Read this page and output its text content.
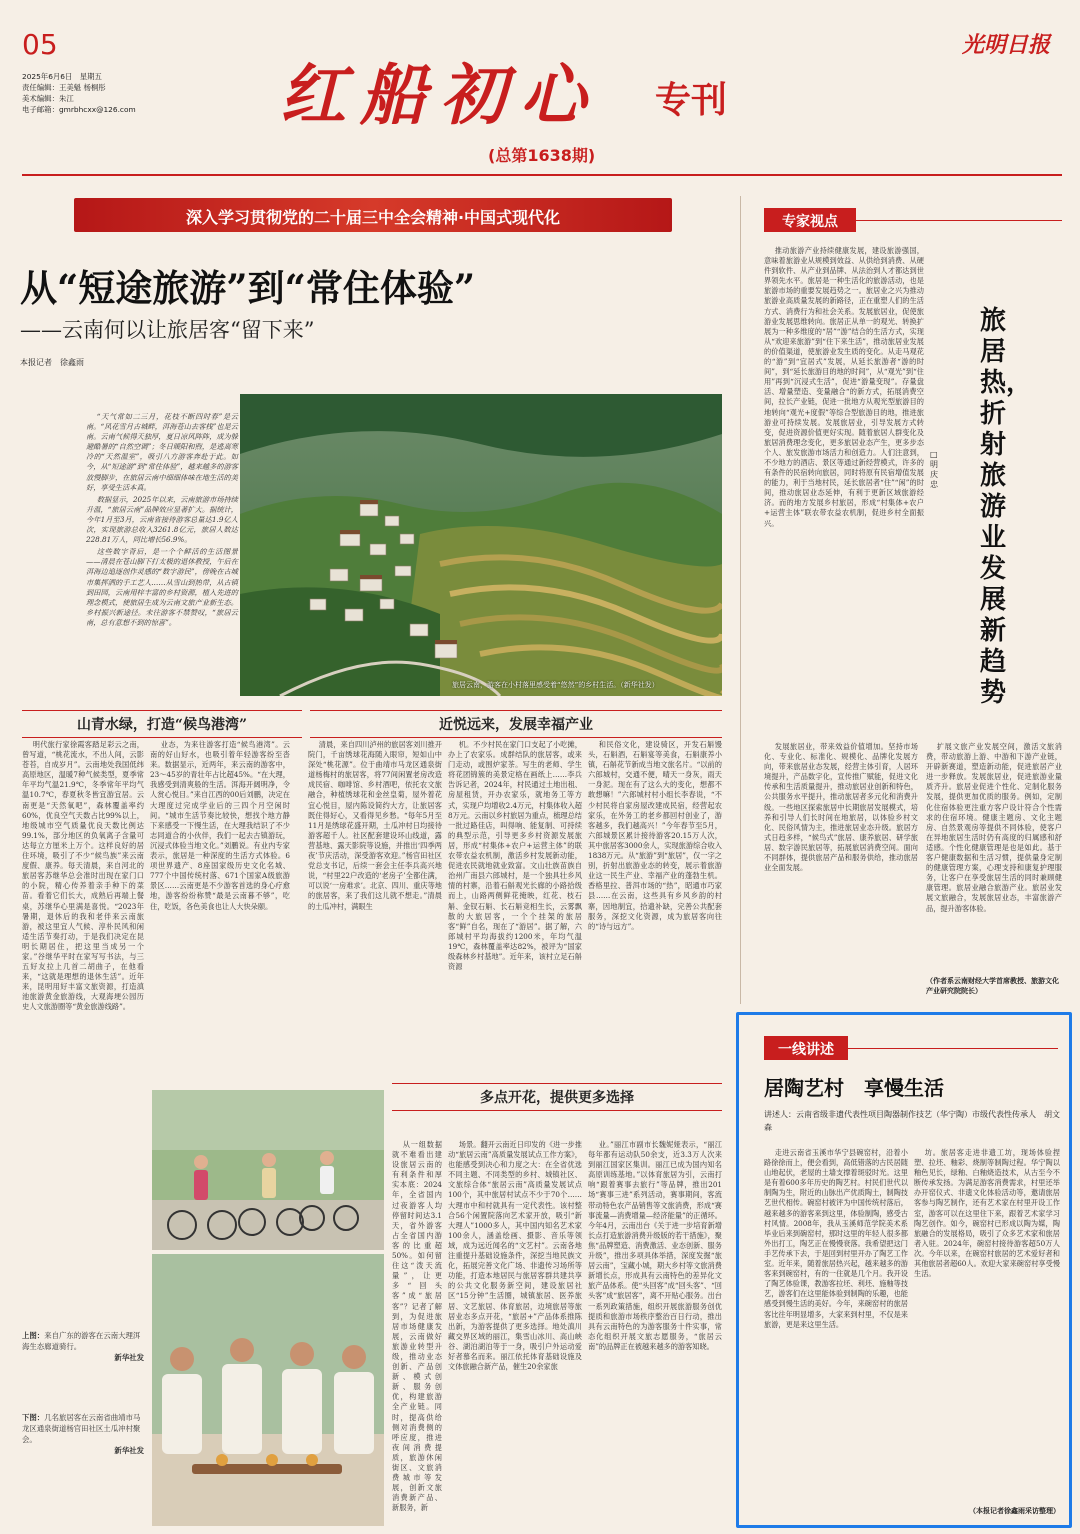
05
2025年6月6日　星期五
责任编辑：王美魁 杨桐彤
美术编辑：朱江
电子邮箱：gmrbhcxx@126.com 红船初心 专刊
(总第1638期)
光明日报
深入学习贯彻党的二十届三中全会精神·中国式现代化
从“短途旅游”到“常住体验”
——云南何以让旅居客“留下来”
本报记者　徐鑫雨

“天气常如二三月，花枝不断四时春”是云南。“风花雪月古城畔，洱海苍山去客栈”也是云南。云南气候得天独厚，夏日凉风阵阵，成为躲避酷暑的“自然空调”；冬日暖阳和煦，是逃离寒冷的“天然温室”，吸引八方游客奔赴于此。如今，从“短途游”到“常住体验”，越来越多的游客放慢脚步，在旅居云南中细细体味在地生活的美好，享受生活本真。

数据显示，2025年以来，云南旅游市场持续升温，“旅居云南”品牌效应显著扩大。据统计，今年1月至3月，云南省接待游客总量达1.9亿人次，实现旅游总收入3261.8亿元，旅居人数达228.81万人，同比增长56.9%。

这些数字背后，是一个个鲜活的生活图景——清晨在苍山脚下打太极的退休教授，午后在洱海边追逐创作灵感的“数字游民”，傍晚在古城市集挥洒的手工艺人……从雪山到热带，从古镇到田园，云南用梓丰富的乡村资源，植入先进的理念模式，使旅居生成为云南文旅产业新生态。乡村振兴新途径。未往游客不禁赞叹，“旅居云南，总有意想不到的惊喜”。

旅居云南，游客在小村落里感受着“悠然”的乡村生活。（新华社发）
山青水绿，打造“候鸟港湾”	近悦远来，发展幸福产业
明代旅行家徐霞客踏足彩云之南，曾写道，“桃花流水，不出人间，云影苍苔，自成岁月”。云南地处我国低纬高原地区，温暖7种气候类型，夏季常年平均气温21.9℃，冬季常年平均气温10.7℃，春夏秋冬皆宜游宜居。云南更是“天然氧吧”，森林覆盖率约60%，优良空气天数占比99%以上，地级城市空气质量优良天数比例达99.1%，部分地区的负氧离子含量可达每立方厘米上万个。这样良好的居住环境，吸引了不少“候鸟族”来云南度假、康养。每天清晨，来自河北的旅居客苏继华总会准时出现在家门口的小院，精心传养着亲手种下的菜苗。看着它们长大，成熟后再端上餐桌，苏继华心里满是喜悦。“2023年暑期，退休后的我和老伴来云南旅游，被这里宜人气候、淳朴民风和闲适生活节奏打动，于是我们决定在昆明长期居住，把这里当成另一个家。”谷继华平时在家写写书法，与三五好友拉上几首二胡曲子，在他看来，“这就是理想的退休生活”。近年来，昆明用好丰富文旅资源，打造滇池旅游黄金旅游线，大观海埂公园历史人文旅游圈等“黄金旅游线路”。
业态，为来往游客打造“候鸟港湾”。云南的好山好水，也吸引着年轻游客纷至沓来。数据显示，近两年，来云南的游客中，23～45岁的青壮年占比超45%。“在大理，我感受到清爽般的生活。洱海开阔明净，令人赏心悦目。”来自江西的00后刘鹏，决定在大理度过完成学业后的三四个月空闲时间。“城市生活节奏比较快，想找个地方静下来感受一下慢生活，在大理我结识了不少志同道合的小伙伴，我们一起去古镇游玩，沉浸式体验当地文化。”刘鹏说。有业内专家表示，旅居是一种深度的生活方式体验。6项世界遗产、8座国家级历史文化名城、777个中国传统村落、671个国家A级旅游景区……云南更是不少游客首选的身心疗愈地，游客纷纷称赞“最是云南暮不够”，吃住，吃饭，各色美食也让人大快朵颐。
清晨，来自四川泸州的旅居客刘川推开院门，千亩绣球花海随入眼帘，短如山中深处“桃花源”。位于曲靖市马龙区通泉街道杨梅村的旅居客，将77间闲置老房改造成民宿、咖啡馆、乡村酒吧，依托农文旅融合，种植绣球花和金丝皇菊，屋外着花宜心悦目，屋内陈设简约大方，让旅居客既住得好心，又看得见乡愁。“每年5月至11月是绣球花盛开期，土瓜冲村日均接待游客超千人。社区配套建设环山线道，露营基地、露天影院等设施，并推出‘四季两夜’节庆活动，深受游客欢迎。”杨官田社区党总支书记，后续一套会主任李兵高兴地说，“村里22户改造的‘老房子’全都住满，可以说‘一房难求’。北京、四川、重庆等地的旅居客，来了我们这儿就不想走。”清晨的土瓜冲村，满眼生
机。不少村民在家门口支起了小吃摊，办上了农家乐。成群结队的旅居客，或来门走动，或围炉家茶。写生的老师、学生将花团锦簇的美景定格在画纸上……李兵告诉记者，2024年，村民通过土地出租、房屋租赁，开办农家乐，就地务工等方式，实现户均增收2.4万元，村集体收入超8万元。云南以乡村旅居为重点，梳理总结一批过路佳店，叫得响、能复制、可持续的典型示范，引导更多乡村资源发展旅居，形成“村集体+农户+运营主体”的联农带农益农机制，激活乡村发展新动能，促进农民就地就业致富。文山壮族苗族自治州广南县六郎城村，是一个独具壮乡风情的村寨，沿着石斛观光长廊的小路拾级而上，山路两侧鲜花掩映，红花、枝石斛、金钗石斛、长石斛竞相生长，云雾飘散的大旅居客，一个个挂架的旅居客“鲜”自名，现在了“游居”。据了解，六郎城村平均海拔约1200米，年均气温19℃，森林覆盖率达82%，被评为“国家级森林乡村基地”。近年来，该村立足石斛资源
和民俗文化，建设骑区，开发石斛馒头，石斛酒，石斛宴等美食，石斛康养小镇，石斛花节新成当地文旅名片。“以前的六郎城村，交通不便，晴天一身灰，雨天一身泥。现在有了这么大的变化，想都不敢想嘛！”六郎城村村小组长李春说，“不少村民将自家房屋改建成民宿，经营起农家乐，在外务工的老乡都回村创业了，游客越多，我们越高兴！”今年春节至5月，六郎城景区累计接待游客20.15万人次，其中旅居客3000余人，实现旅游综合收入1838万元。从“旅游”到“旅居”，仅一字之别，折射出旅游业态的转变，展示着旅游业这一民生产业、幸福产业的蓬勃生机。香格里拉、普洱市场的“热”，昭通市巧家县……在云南，这些具有乡风乡韵的村寨，因地制宜，拾遗补缺，完善公共配套服务，深挖文化资源，成为旅居客向往的“诗与远方”。
上图：来自广东的游客在云南大理洱海生态廊道骑行。
新华社发
下图：几名旅居客在云南省曲靖市马龙区通泉街道杨官田社区土瓜冲村聚会。
新华社发
多点开花，提供更多选择
从一组数据就不难看出建设旅居云南的有利条件和厚实本底：2024年，全省国内过夜游客人均停留时间达3.1天，省外游客占全省国内游客的比重超50%。如何留住这“泼天流量”，让更多“回头客”成“旅居客”？记者了解到，为促进旅居市场健康发展，云南做好旅游业转型升级，推动业态创新、产品创新、模式创新、服务创优，构建旅游全产业链。同时，提高供给侧对消费侧的呼应度，推进夜间消费提质，旅游休闲街区、文旅消费城市等发展，创新文旅消费新产品、新服务，新
场景。翻开云南近日印发的《进一步推动“旅居云南”高质量发展试点工作方案》，也能感受到决心和力度之大：在全省优选不同主题、不同类型的乡村、城镇社区、文旅综合体“旅居云南”高质量发展试点100个，其中旅居村试点不少于70个……大理市中和村就具有一定代表性。该村整合56个闲置院落向艺术家开放，吸引“新大理人”1000多人，其中国内知名艺术家100余人，涵盖绘画、摄影、音乐等领域，成为远近闻名的“文艺村”。云南各地注重提升基础设施条件，深挖当地民族文化，拓展完善文化广场、非遗传习场所等功能，打造本地居民与旅居客群共建共享的公共文化服务新空间，建设旅居社区“15分钟”生活圈，城镇旅居、医养旅居、文艺旅居、体育旅居，边境旅居等旅居业态多点开花，“旅居+”产品体系推陈出新，为游客提供了更多选择。地处滇川藏交界区域的丽江，集雪山冰川、高山峡谷、湖泊湖泊等于一身，吸引户外运动爱好者慕名而来。丽江依托体育基础设施及文体旅融合新产品，催生20余家旅
业。”丽江市副市长魏妮娅表示，“丽江每年都有运动队50余支，近3.3万人次来到丽江国家区集训。丽江已成为国内知名高原训练基地。”以体育旅居为引，云南打响“跟着赛事去旅行”等品牌，推出201场“赛事三进”系列活动，赛事期间，客流带动特色农产品销售等文旅消费，形成“赛事流量—消费增量—经济能量”的正循环。今年4月，云南出台《关于进一步培育新增长点打造旅游消费升级版的若干措施》，聚焦“品牌塑造、消费激活、业态创新、服务升级”，推出多项具体举措，深度发掘“旅居云南”，宝藏小城，期大乡村等文旅消费新增长点，形成具有云南特色的差异化文旅产品体系。使“头回客”成“回头客”、“回头客”成“旅居客”，离不开贴心服务。出台一系列政策措施，组织开展旅游服务创优提质和旅游市场秩序整治百日行动，推出具有云南特色的为游客服务十件实事，常态化组织开展文旅志愿服务，“旅居云南”的品牌正在被越来越多的游客知晓。
专家视点
旅居热，折射旅游业发展新趋势
□ 明庆忠
推动旅游产业持续健康发展，建设旅游强国，意味着旅游业从规模到效益、从供给到消费、从硬件到软件、从产业到品牌、从法治到人才都达到世界领先水平。旅居是一种生活化的旅游活动，也是旅游市场的重要发展趋势之一。旅居业之兴为推动旅游业高质量发展的新路径，正在重塑人们的生活方式、消费行为和社会关系。发展旅居业，促使旅游业发展思维转向。旅居正从单一的观光、转换扩展为一种多维度的“居”“游”结合的生活方式，实现从“欢迎来旅游”到“住下来生活”，推动旅居业发展的价值渠道，使旅游业发生质的变化。从走马观花的“游”到“宜居式”发展，从延长旅游者“游的时间”，到“延长旅游目的地的时间”，从“观光”到“住用”再到“沉浸式生活”，促进“游量变现”。存量盘活、增量塑造、变量融合“的新方式，拓展消费空间，拉长产业链，促进一批地方从观光型旅游目的地转向“观光+度假”等综合型旅游目的地，推进旅游业可持续发展。发展旅居业，引导发展方式转变，促进资源价值更好实现。随着旅居人群变化及旅居消费理念变化，更多旅居业态产生，更多步态个人、旅发旅游市场活力和创造力。人们注意到，不少地方的酒店、景区等通过新经营模式，许多的有条件的民宿转向旅居，同时将原有民宿增值发展的能力，利于当地村民，延长旅居者“住”“闲”的时间，推动旅居业态延伸，有利于更新区域旅游经济。而的地方发展乡村旅居，形成“村集体+农户+运营主体”联农带农益农机制，促进乡村全面振兴。
发展旅居业，带来效益价值增加。坚持市场化、专业化、标准化、规模化、品牌化发展方向，带来旅居业态发展，经营主体引育，人居环境提升，产品数字化，宣传推广赋能，促进文化传承和生活质量提升，推动旅居业创新和特色，公共服务水平提升，推动旅居者多元化和消费升级。一些地区探索旅居中长期旅居发展模式，培养和引导人们长时间在地旅居，以体验乡村文化、民俗风情为主，推进旅居业态升级。旅居方式日趋多样，“候鸟式”旅居、康养旅居、研学旅居、数字游民旅居等，拓展旅居消费空间。面向不同群体，提供旅居产品和服务供给，推动旅居业全面发展。
扩展文旅产业发展空间，激活文旅消费，带动旅游上游、中游和下游产业链，开辟新赛道，塑造新动能，促进旅居产业进一步释放。发展旅居业，促进旅游业量质齐升。旅居业促进个性化、定制化服务发展，提供更加优质的服务。例如，定制化住宿体验更注重方客户设计符合个性需求的住宿环境。健康主题房、文化主题房、自然景观房等提供不同体验，使客户在异地旅居生活时仍有高度的归属感和舒适感。个性化健康管理是也是如此。基于客户健康数据和生活习惯，提供量身定制的健康管理方案，心理支持和康复护理服务，让客户在享受旅居生活的同时兼顾健康管理。旅居业融合旅游产业。旅居业发展文旅融合，发展旅居业态，丰富旅游产品，提升游客体验。
（作者系云南财经大学首席教授、旅游文化产业研究院院长）
一线讲述
居陶艺村　享慢生活
讲述人：云南省级非遗代表性项目陶器制作技艺（华宁陶）市级代表性传承人　胡文森
走进云南省玉溪市华宁县碗窑村，沿着小路徐徐而上，便会看到，高低错落的古民居随山地起伏，老屋的土墙支撑着斑驳时光。这里是有着600多年历史的陶艺村。村民们世代以制陶为生，附近的山脉出产优质陶土，制陶技艺世代相传。碗窑村被评为中国传统村落后，越来越多的游客来到这里，体验制陶，感受古村风情。2008年，我从玉溪师范学院美术系毕业后来到碗窑村，那时这里的年轻人很多都外出打工，陶艺正在慢慢衰落。我希望把这门手艺传承下去，于是回到村里开办了陶艺工作室。近年来，随着旅居热兴起，越来越多的游客来到碗窑村，有的一住就是几个月。我开设了陶艺体验课，教游客拉坯、利坯、施釉等技艺，游客们在这里能体验到制陶的乐趣，也能感受到慢生活的美好。今年，来碗窑村的旅居客比往年明显增多，大家来到村里，不仅是来旅游，更是来这里生活。
坊。旅居客走进非遗工坊，现场体验捏塑、拉坯、釉彩、烧制等制陶过程。华宁陶以釉色见长，绿釉、白釉烧造技术，从古至今不断传承发扬。为满足游客消费需求，村里还举办开窑仪式、非遗文化体验活动等，邀请旅居客参与陶艺制作，还有艺术家在村里开设工作室，游客可以在这里住下来，跟着艺术家学习陶艺创作。如今，碗窑村已形成以陶为媒，陶旅融合的发展格局，吸引了众多艺术家和旅居者入驻。2024年，碗窑村接待游客超50万人次。今年以来，在碗窑村旅居的艺术爱好者和其他旅居者超60人。欢迎大家来碗窑村享受慢生活。
（本报记者徐鑫雨采访整理）
